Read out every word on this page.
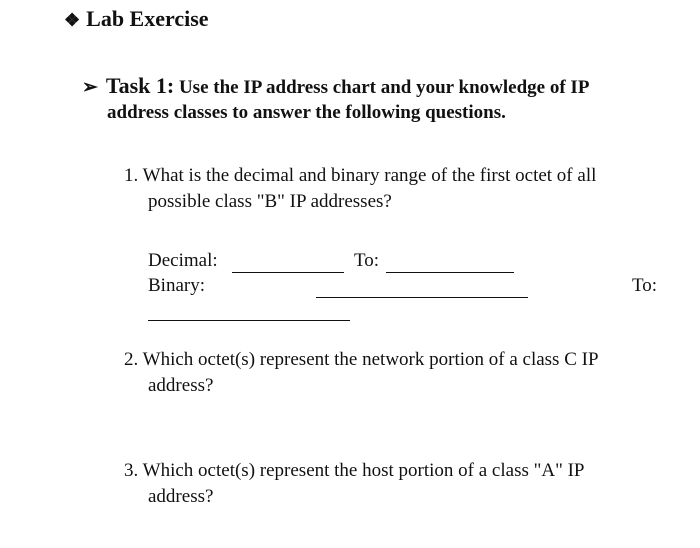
❖ Lab Exercise
➢ Task 1: Use the IP address chart and your knowledge of IP
address classes to answer the following questions.
1. What is the decimal and binary range of the first octet of all
possible class "B" IP addresses?
Decimal:	To:
Binary:	To:
2. Which octet(s) represent the network portion of a class C IP
address?
3. Which octet(s) represent the host portion of a class "A" IP
address?
